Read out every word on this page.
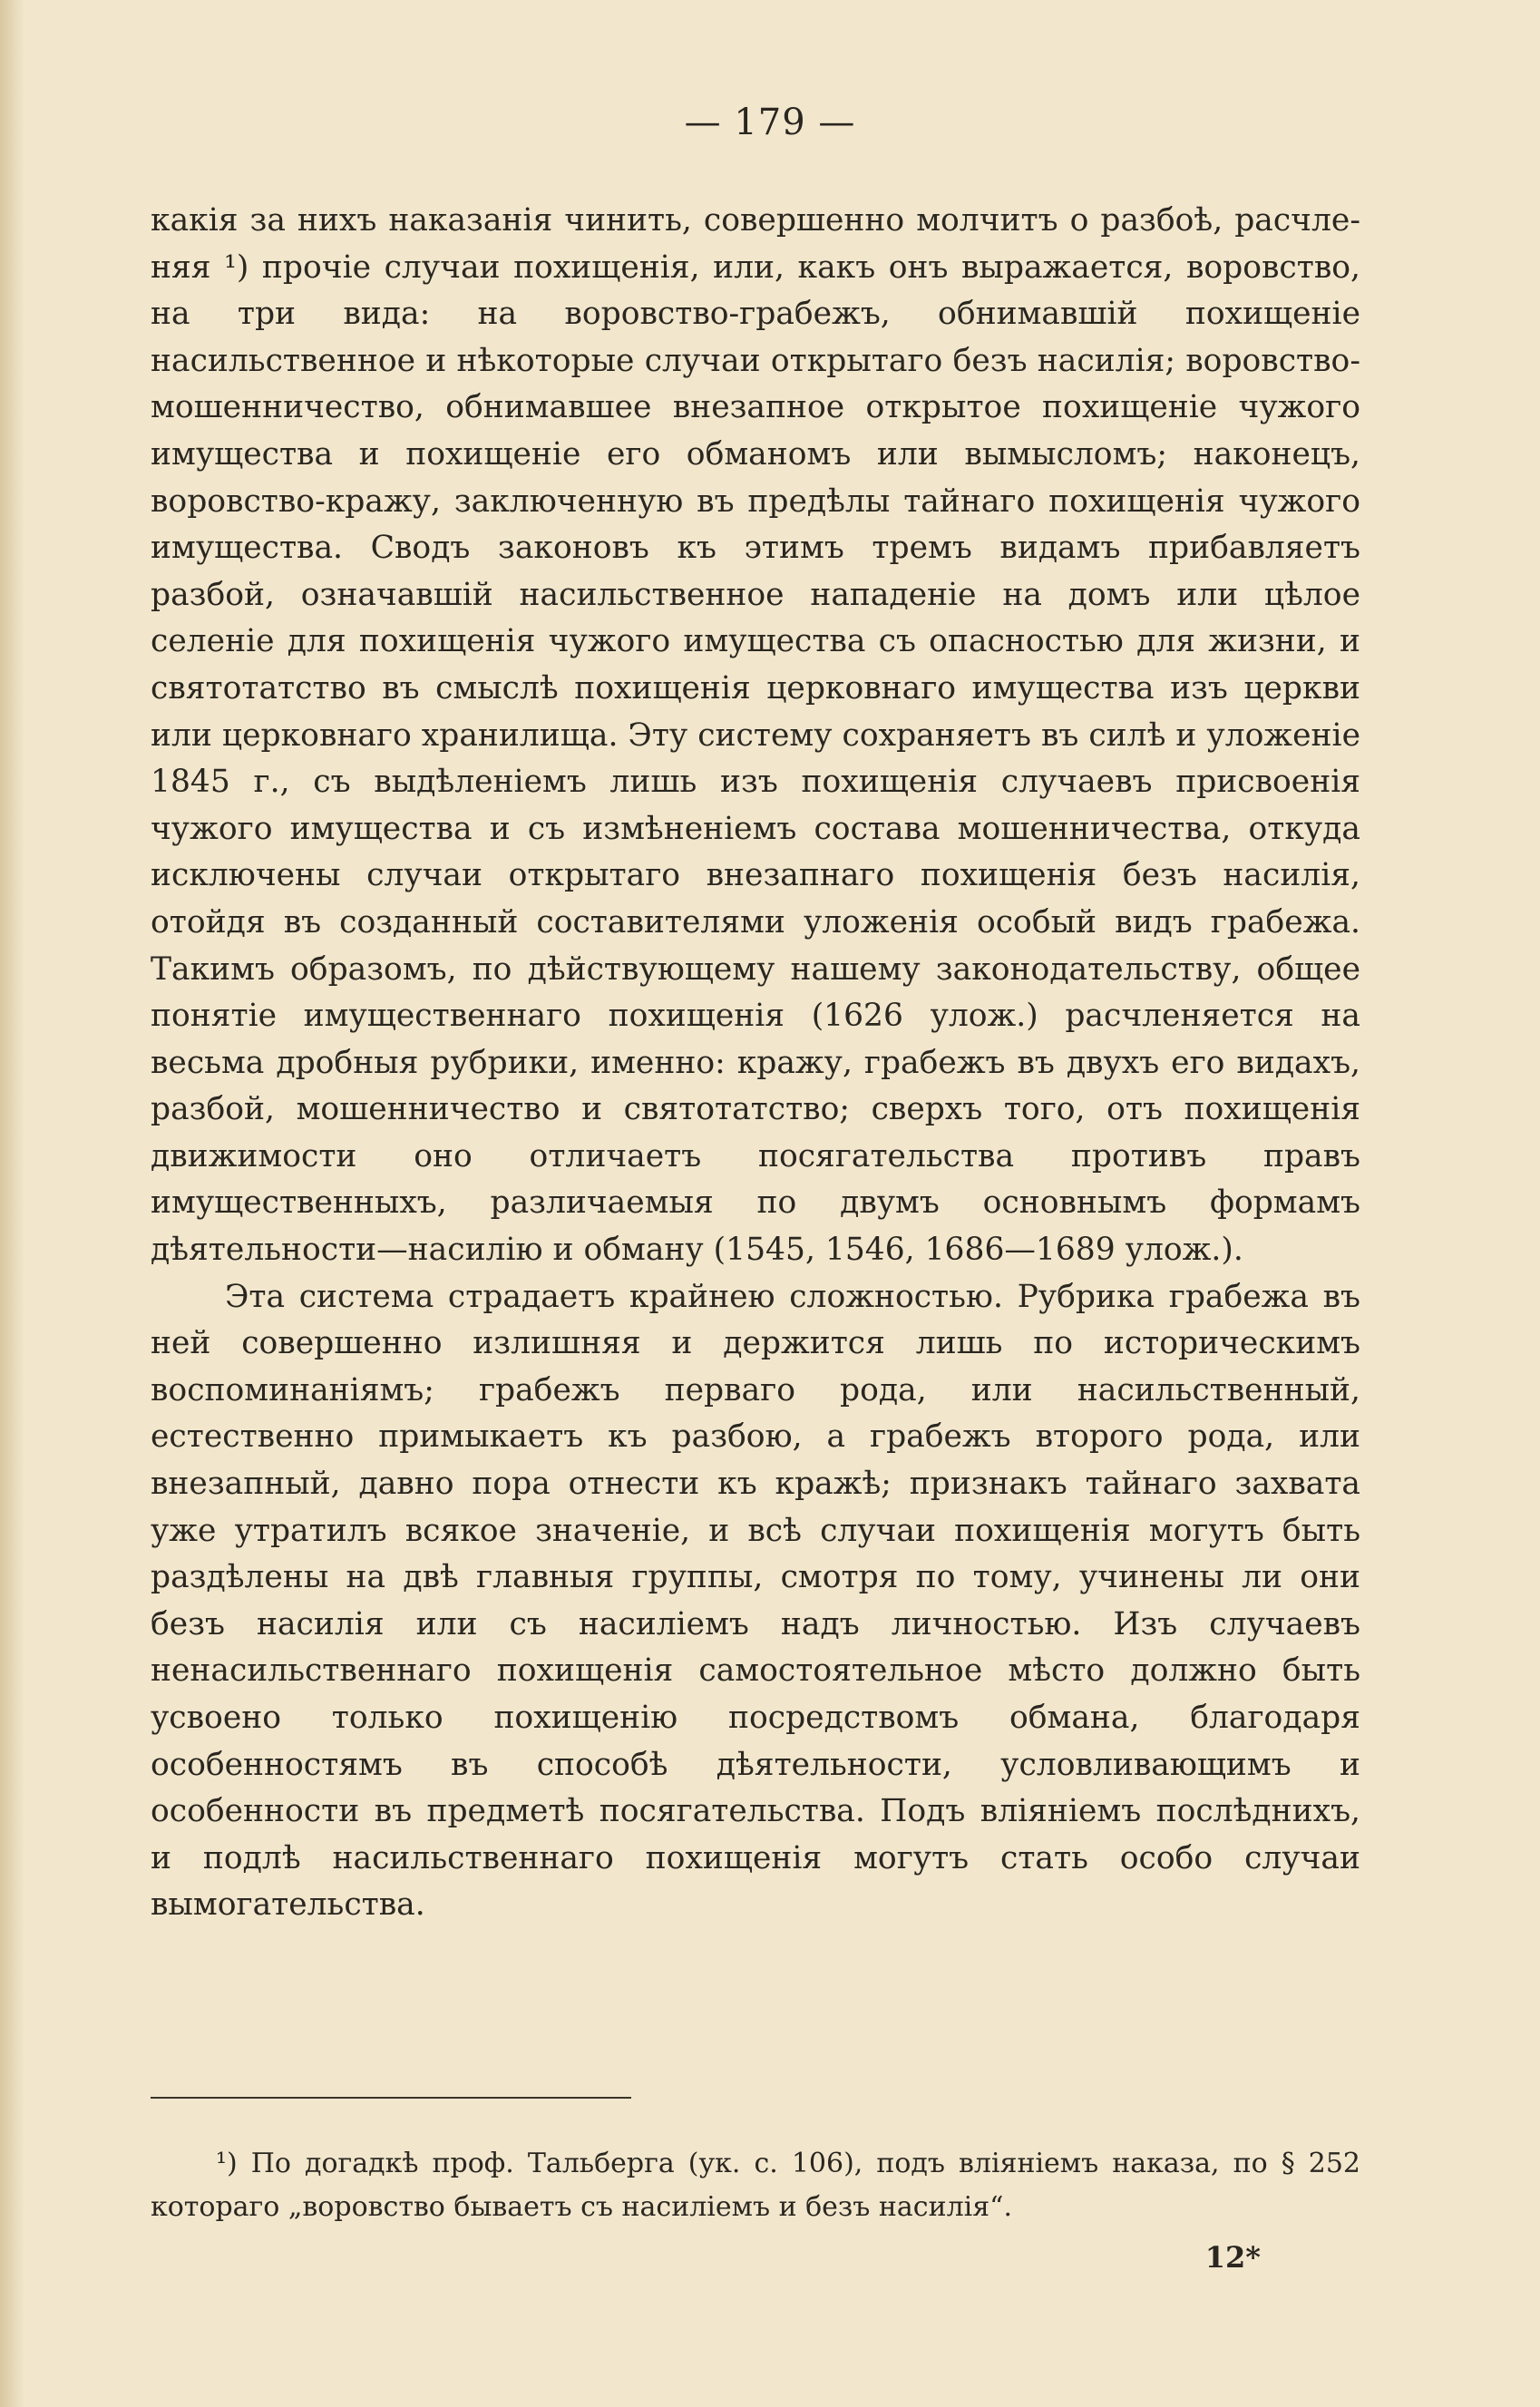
— 179 —

какія за нихъ наказанія чинить, совершенно молчитъ о разбоѣ, расчленяя ¹) прочіе случаи похищенія, или, какъ онъ выражается, воровство, на три вида: на воровство-грабежъ, обнимавшій похищеніе насильственное и нѣкоторые случаи открытаго безъ насилія; воровство-мошенничество, обнимавшее внезапное открытое похищеніе чужого имущества и похищеніе его обманомъ или вымысломъ; наконецъ, воровство-кражу, заключенную въ предѣлы тайнаго похищенія чужого имущества. Сводъ законовъ къ этимъ тремъ видамъ прибавляетъ разбой, означавшій насильственное нападеніе на домъ или цѣлое селеніе для похищенія чужого имущества съ опасностью для жизни, и святотатство въ смыслѣ похищенія церковнаго имущества изъ церкви или церковнаго хранилища. Эту систему сохраняетъ въ силѣ и уложеніе 1845 г., съ выдѣленіемъ лишь изъ похищенія случаевъ присвоенія чужого имущества и съ измѣненіемъ состава мошенничества, откуда исключены случаи открытаго внезапнаго похищенія безъ насилія, отойдя въ созданный составителями уложенія особый видъ грабежа. Такимъ образомъ, по дѣйствующему нашему законодательству, общее понятіе имущественнаго похищенія (1626 улож.) расчленяется на весьма дробныя рубрики, именно: кражу, грабежъ въ двухъ его видахъ, разбой, мошенничество и святотатство; сверхъ того, отъ похищенія движимости оно отличаетъ посягательства противъ правъ имущественныхъ, различаемыя по двумъ основнымъ формамъ дѣятельности—насилію и обману (1545, 1546, 1686—1689 улож.).

Эта система страдаетъ крайнею сложностью. Рубрика грабежа въ ней совершенно излишняя и держится лишь по историческимъ воспоминаніямъ; грабежъ перваго рода, или насильственный, естественно примыкаетъ къ разбою, а грабежъ второго рода, или внезапный, давно пора отнести къ кражѣ; признакъ тайнаго захвата уже утратилъ всякое значеніе, и всѣ случаи похищенія могутъ быть раздѣлены на двѣ главныя группы, смотря по тому, учинены ли они безъ насилія или съ насиліемъ надъ личностью. Изъ случаевъ ненасильственнаго похищенія самостоятельное мѣсто должно быть усвоено только похищенію посредствомъ обмана, благодаря особенностямъ въ способѣ дѣятельности, условливающимъ и особенности въ предметѣ посягательства. Подъ вліяніемъ послѣднихъ, и подлѣ насильственнаго похищенія могутъ стать особо случаи вымогательства.

¹) По догадкѣ проф. Тальберга (ук. с. 106), подъ вліяніемъ наказа, по § 252 котораго „воровство бываетъ съ насиліемъ и безъ насилія“.

12*
